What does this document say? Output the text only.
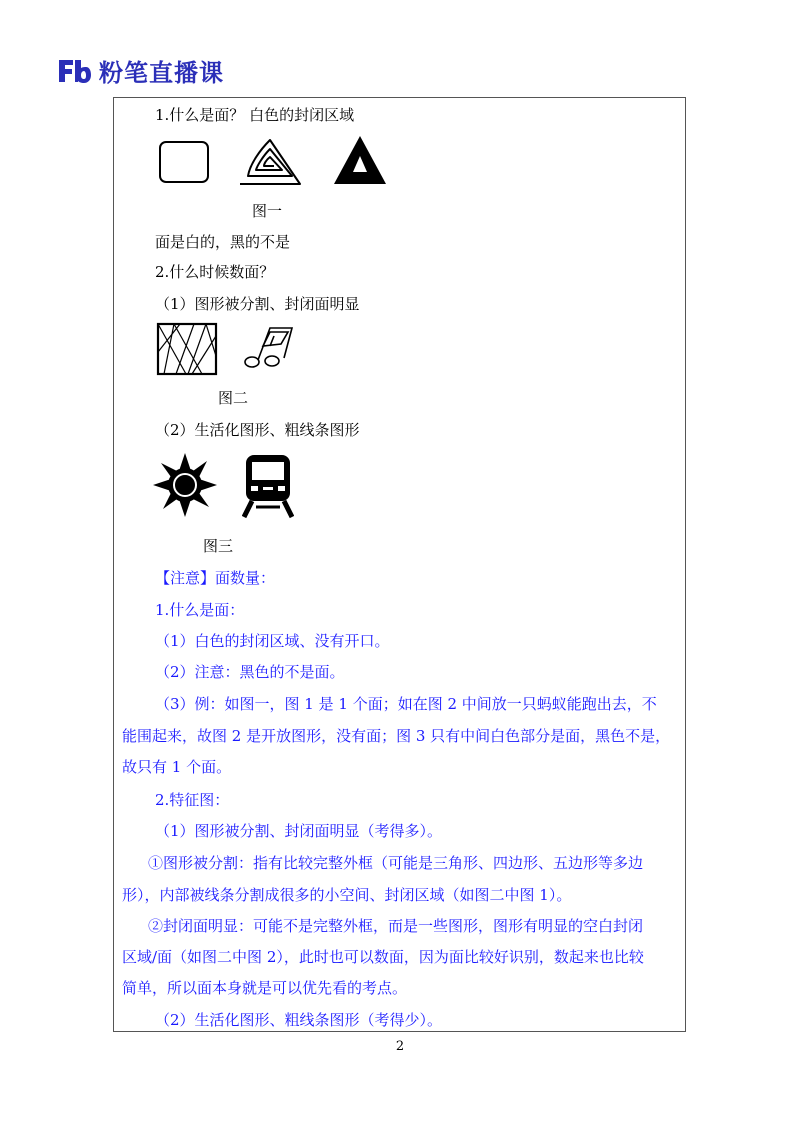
粉笔直播课
1.什么是面？ 白色的封闭区域
图一
面是白的，黑的不是
2.什么时候数面？
（1）图形被分割、封闭面明显
图二
（2）生活化图形、粗线条图形
图三
【注意】面数量：
1.什么是面：
（1）白色的封闭区域、没有开口。
（2）注意：黑色的不是面。
（3）例：如图一，图 1 是 1 个面；如在图 2 中间放一只蚂蚁能跑出去，不
能围起来，故图 2 是开放图形，没有面；图 3 只有中间白色部分是面，黑色不是，
故只有 1 个面。
2.特征图：
（1）图形被分割、封闭面明显（考得多）。
①图形被分割：指有比较完整外框（可能是三角形、四边形、五边形等多边
形），内部被线条分割成很多的小空间、封闭区域（如图二中图 1）。
②封闭面明显：可能不是完整外框，而是一些图形，图形有明显的空白封闭
区域/面（如图二中图 2），此时也可以数面，因为面比较好识别，数起来也比较
简单，所以面本身就是可以优先看的考点。
（2）生活化图形、粗线条图形（考得少）。
2
